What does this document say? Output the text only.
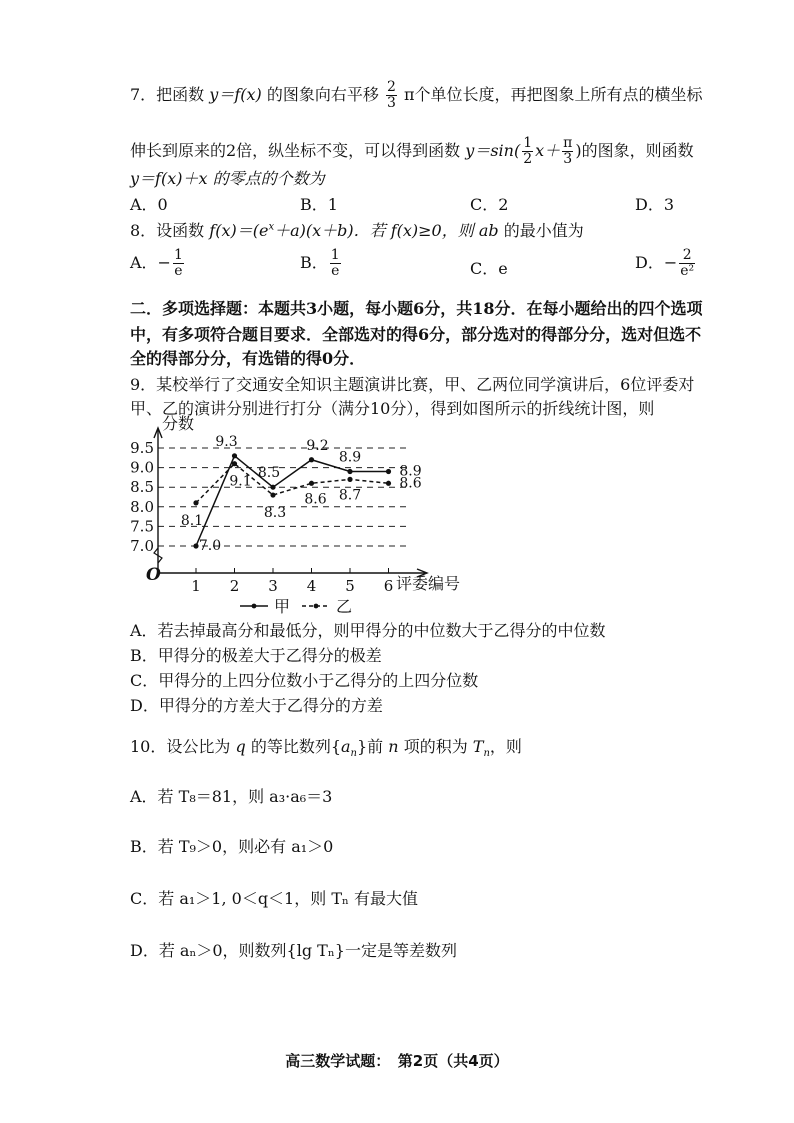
7．把函数 y＝f(x) 的图象向右平移 $\frac{2}{3}$ π个单位长度，再把图象上所有点的横坐标
伸长到原来的2倍，纵坐标不变，可以得到函数 $y=\sin( \frac{1}{2} x+ \frac{\pi}{3}$ )的图象，则函数
y＝f(x)＋x 的零点的个数为
A．0	B．1	C．2	D．3
8．设函数 $f(x)=(e^x+a)(x+b)$．若 f(x)≥0，则 ab 的最小值为
A．− $\frac{1}{e}$	B． $\frac{1}{e}$	C．e	D．− $\frac{2}{\text{e²}}$
二．多项选择题：本题共3小题，每小题6分，共18分．在每小题给出的四个选项
中，有多项符合题目要求．全部选对的得6分，部分选对的得部分分，选对但选不
全的得部分分，有选错的得0分．
9．某校举行了交通安全知识主题演讲比赛，甲、乙两位同学演讲后，6位评委对
甲、乙的演讲分别进行打分（满分10分），得到如图所示的折线统计图，则
7.0
7.5
8.0
8.5
9.0
9.5
1 2 3 4 5 6
O
分数
评委编号
7.0
9.3
8.5
9.2
8.9
8.9
8.1
9.1
8.3
8.6 8.7
8.6
甲	乙
A．若去掉最高分和最低分，则甲得分的中位数大于乙得分的中位数
B．甲得分的极差大于乙得分的极差
C．甲得分的上四分位数小于乙得分的上四分位数
D．甲得分的方差大于乙得分的方差
10．设公比为 q 的等比数列$\{a_n\}$前 n 项的积为 $T_n$，则
A．若 T₈＝81，则 a₃·a₆＝3
B．若 T₉＞0，则必有 a₁＞0
C．若 a₁＞1, 0＜q＜1，则 Tₙ 有最大值
D．若 aₙ＞0，则数列{lg Tₙ}一定是等差数列
高三数学试题：　第2页（共4页）
